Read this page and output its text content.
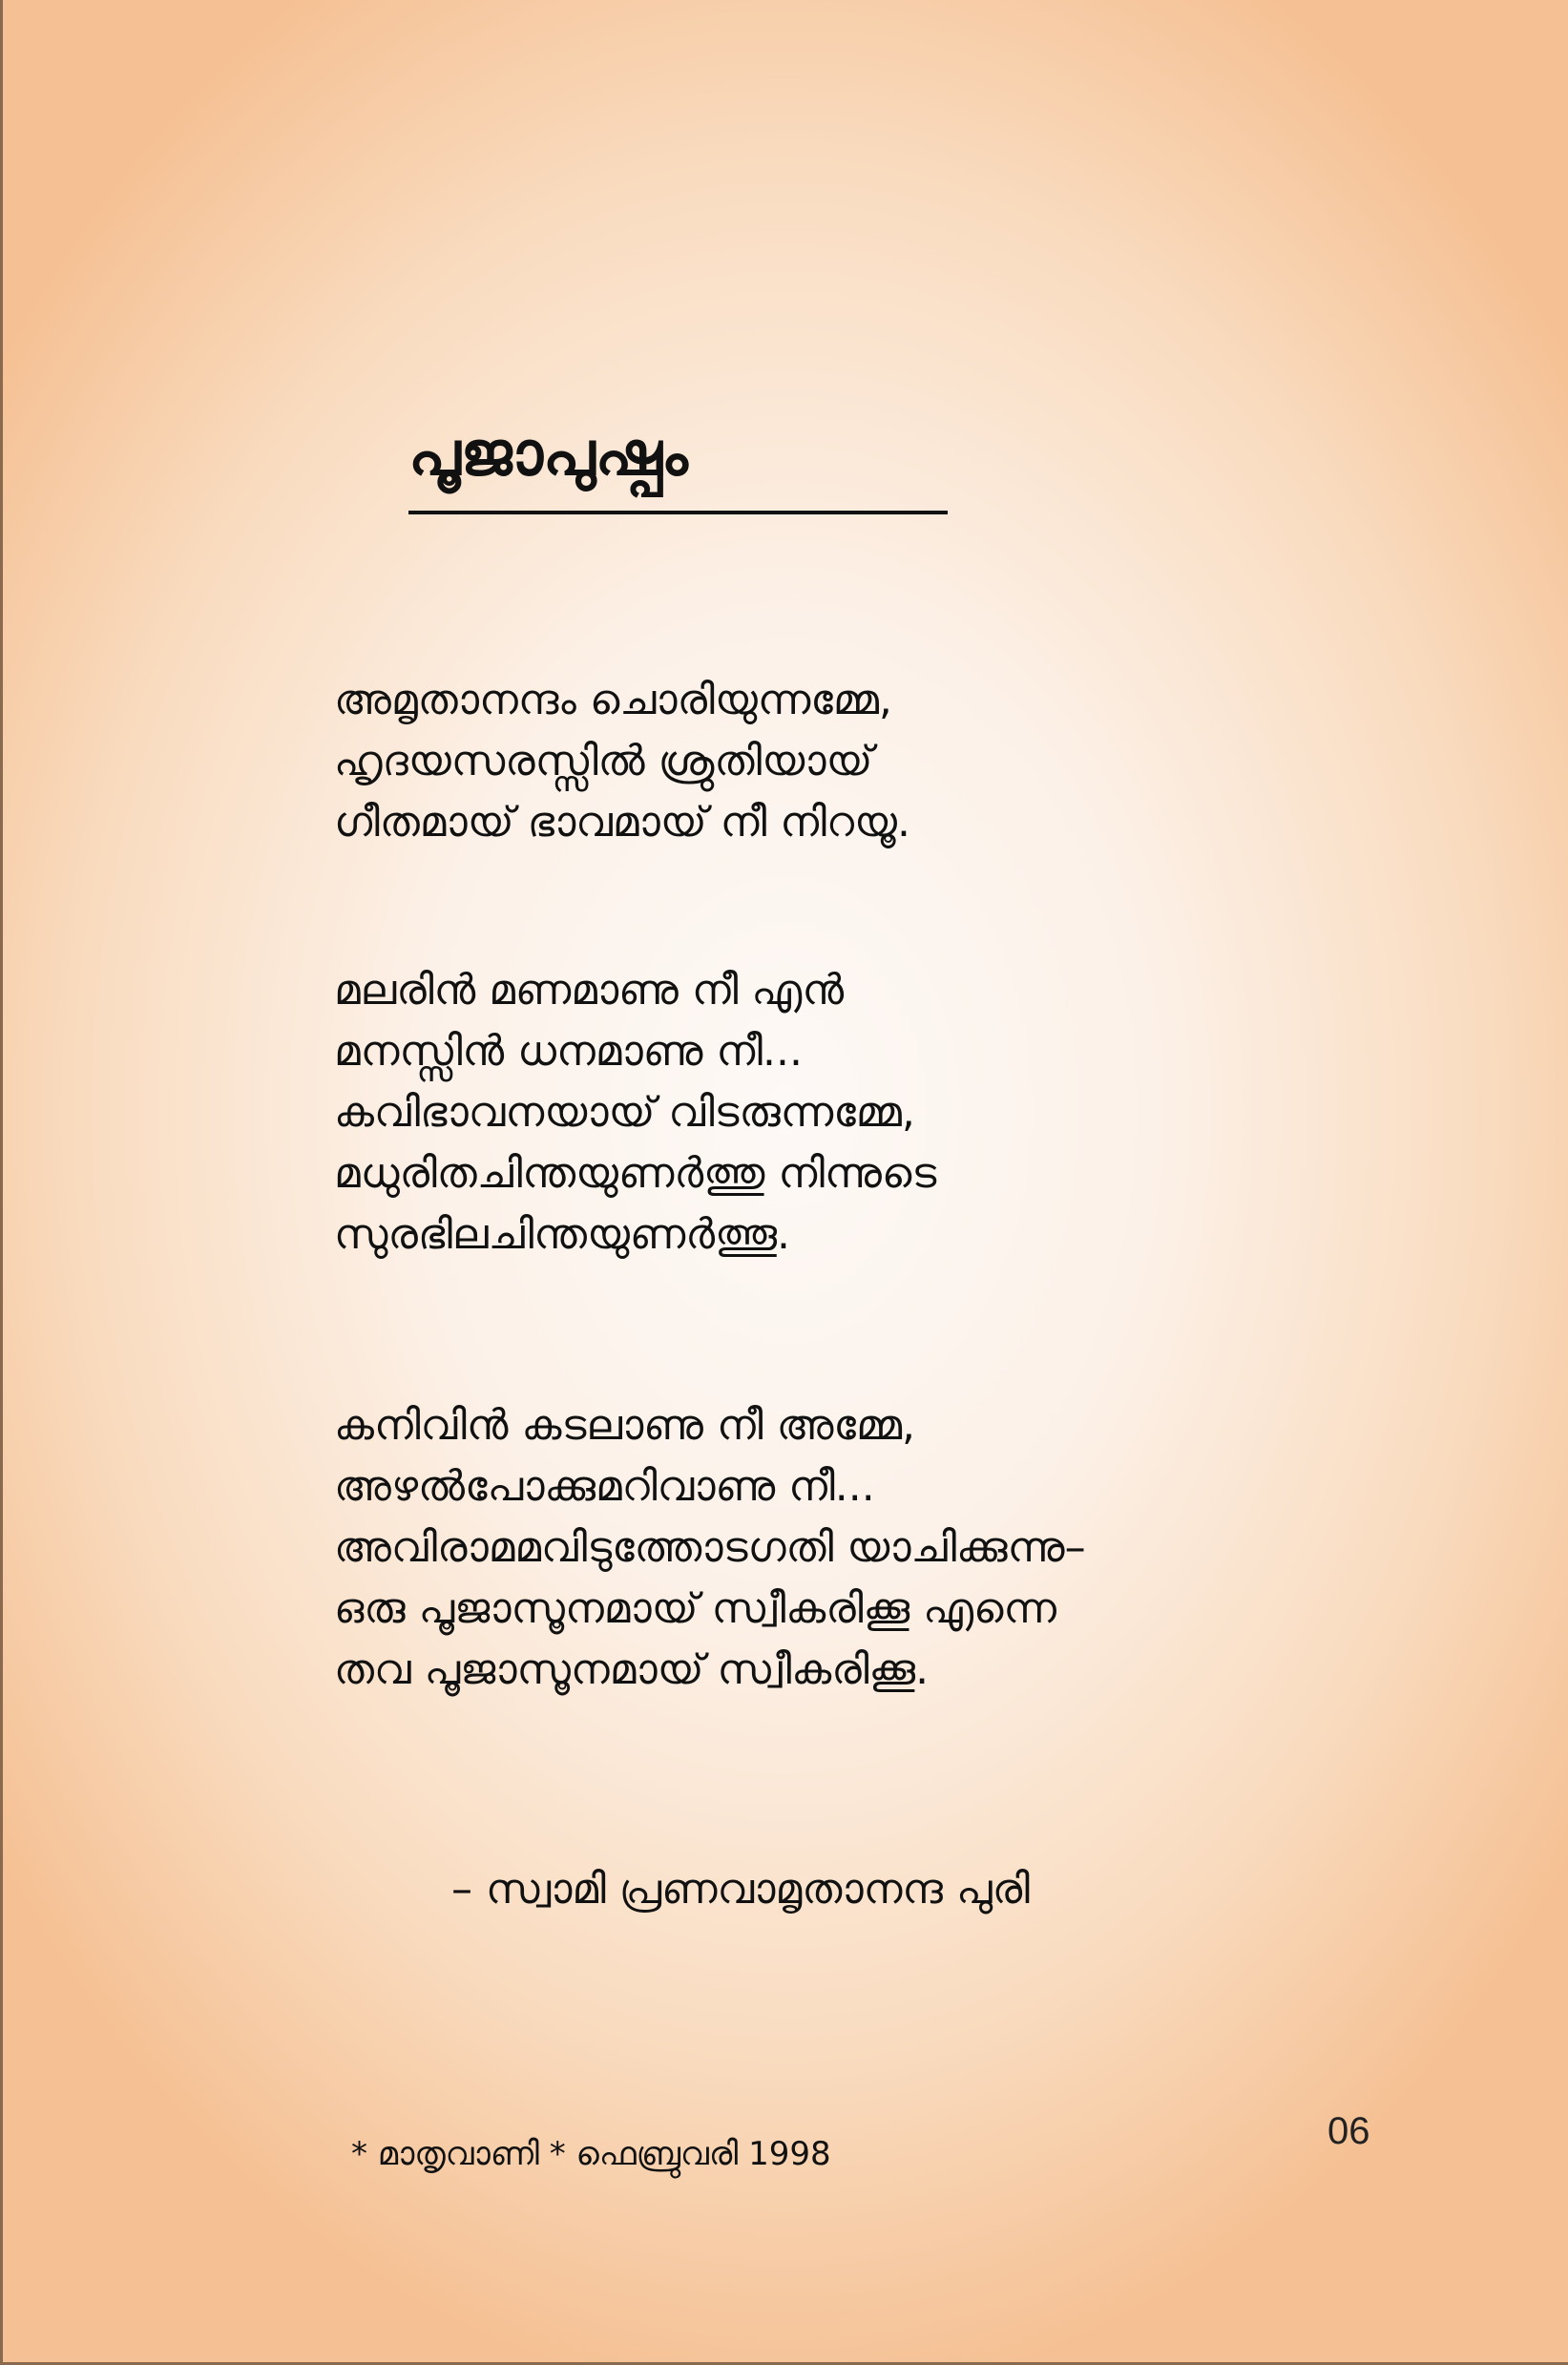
പൂജാപുഷ്പം
അമൃതാനന്ദം ചൊരിയുന്നമ്മേ,
ഹൃദയസരസ്സിൽ ശ്രുതിയായ്
ഗീതമായ് ഭാവമായ് നീ നിറയൂ.
മലരിൻ മണമാണു നീ എൻ
മനസ്സിൻ ധനമാണു നീ...
കവിഭാവനയായ് വിടരുന്നമ്മേ,
മധുരിതചിന്തയുണർത്തു നിന്നുടെ
സുരഭിലചിന്തയുണർത്തൂ.
കനിവിൻ കടലാണു നീ അമ്മേ,
അഴൽപോക്കുമറിവാണു നീ...
അവിരാമമവിടുത്തോടഗതി യാചിക്കുന്നു–
ഒരു പൂജാസൂനമായ് സ്വീകരിക്കൂ എന്നെ
തവ പൂജാസൂനമായ് സ്വീകരിക്കൂ.
– സ്വാമി പ്രണവാമൃതാനന്ദ പുരി
06
* മാതൃവാണി * ഫെബ്രുവരി 1998
